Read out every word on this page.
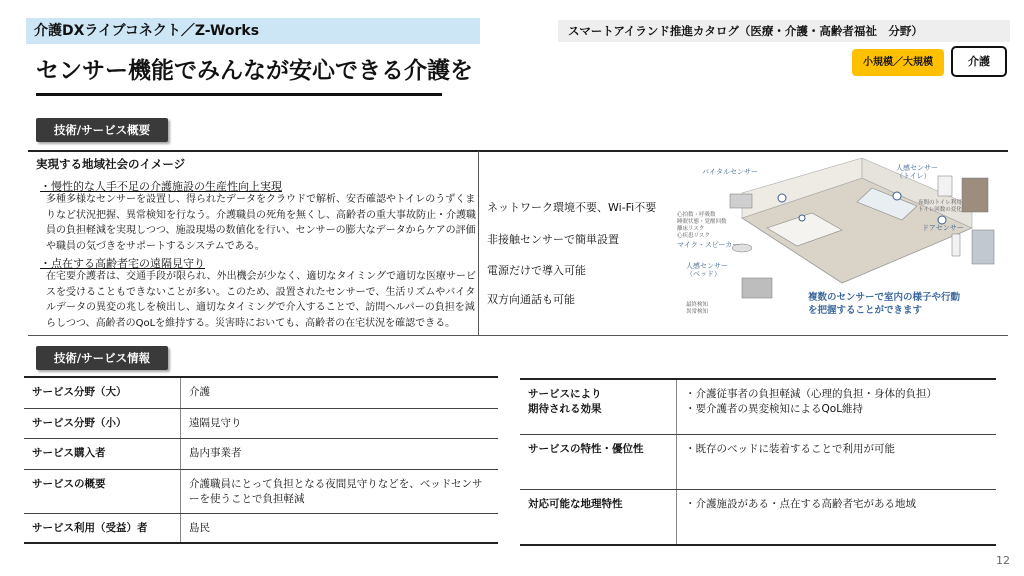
介護DXライブコネクト／Z-Works	スマートアイランド推進カタログ（医療・介護・高齢者福祉　分野）
センサー機能でみんなが安心できる介護を	小規模／大規模	介護
技術/サービス概要
実現する地域社会のイメージ
・慢性的な人手不足の介護施設の生産性向上実現
多種多様なセンサーを設置し、得られたデータをクラウドで解析、安否確認やトイレのうずくまりなど状況把握、異常検知を行なう。介護職員の死角を無くし、高齢者の重大事故防止・介護職員の負担軽減を実現しつつ、施設現場の数値化を行い、センサーの膨大なデータからケアの評価や職員の気づきをサポートするシステムである。
・点在する高齢者宅の遠隔見守り
在宅要介護者は、交通手段が限られ、外出機会が少なく、適切なタイミングで適切な医療サービスを受けることもできないことが多い。このため、設置されたセンサーで、生活リズムやバイタルデータの異変の兆しを検出し、適切なタイミングで介入することで、訪問ヘルパーの負担を減らしつつ、高齢者のQoLを維持する。災害時においても、高齢者の在宅状況を確認できる。
ネットワーク環境不要、Wi-Fi不要
非接触センサーで簡単設置
電源だけで導入可能
双方向通話も可能
バイタルセンサー
心拍数・呼吸数
睡眠状態・覚醒回数
離床リスク
心疾患リスク
マイク・スピーカー
人感センサー
（ベッド）
最終検知
異常検知
人感センサー
（トイレ）
夜間のトイレ利用
トイレ回数の変化
ドアセンサー
複数のセンサーで室内の様子や行動
を把握することができます
技術/サービス情報
サービス分野（大）	介護
サービス分野（小）	遠隔見守り
サービス購入者	島内事業者
サービスの概要	介護職員にとって負担となる夜間見守りなどを、ベッドセンサーを使うことで負担軽減
サービス利用（受益）者	島民
サービスにより
期待される効果	・介護従事者の負担軽減（心理的負担・身体的負担）
・要介護者の異変検知によるQoL維持

サービスの特性・優位性	・既存のベッドに装着することで利用が可能

対応可能な地理特性	・介護施設がある・点在する高齢者宅がある地域
12
